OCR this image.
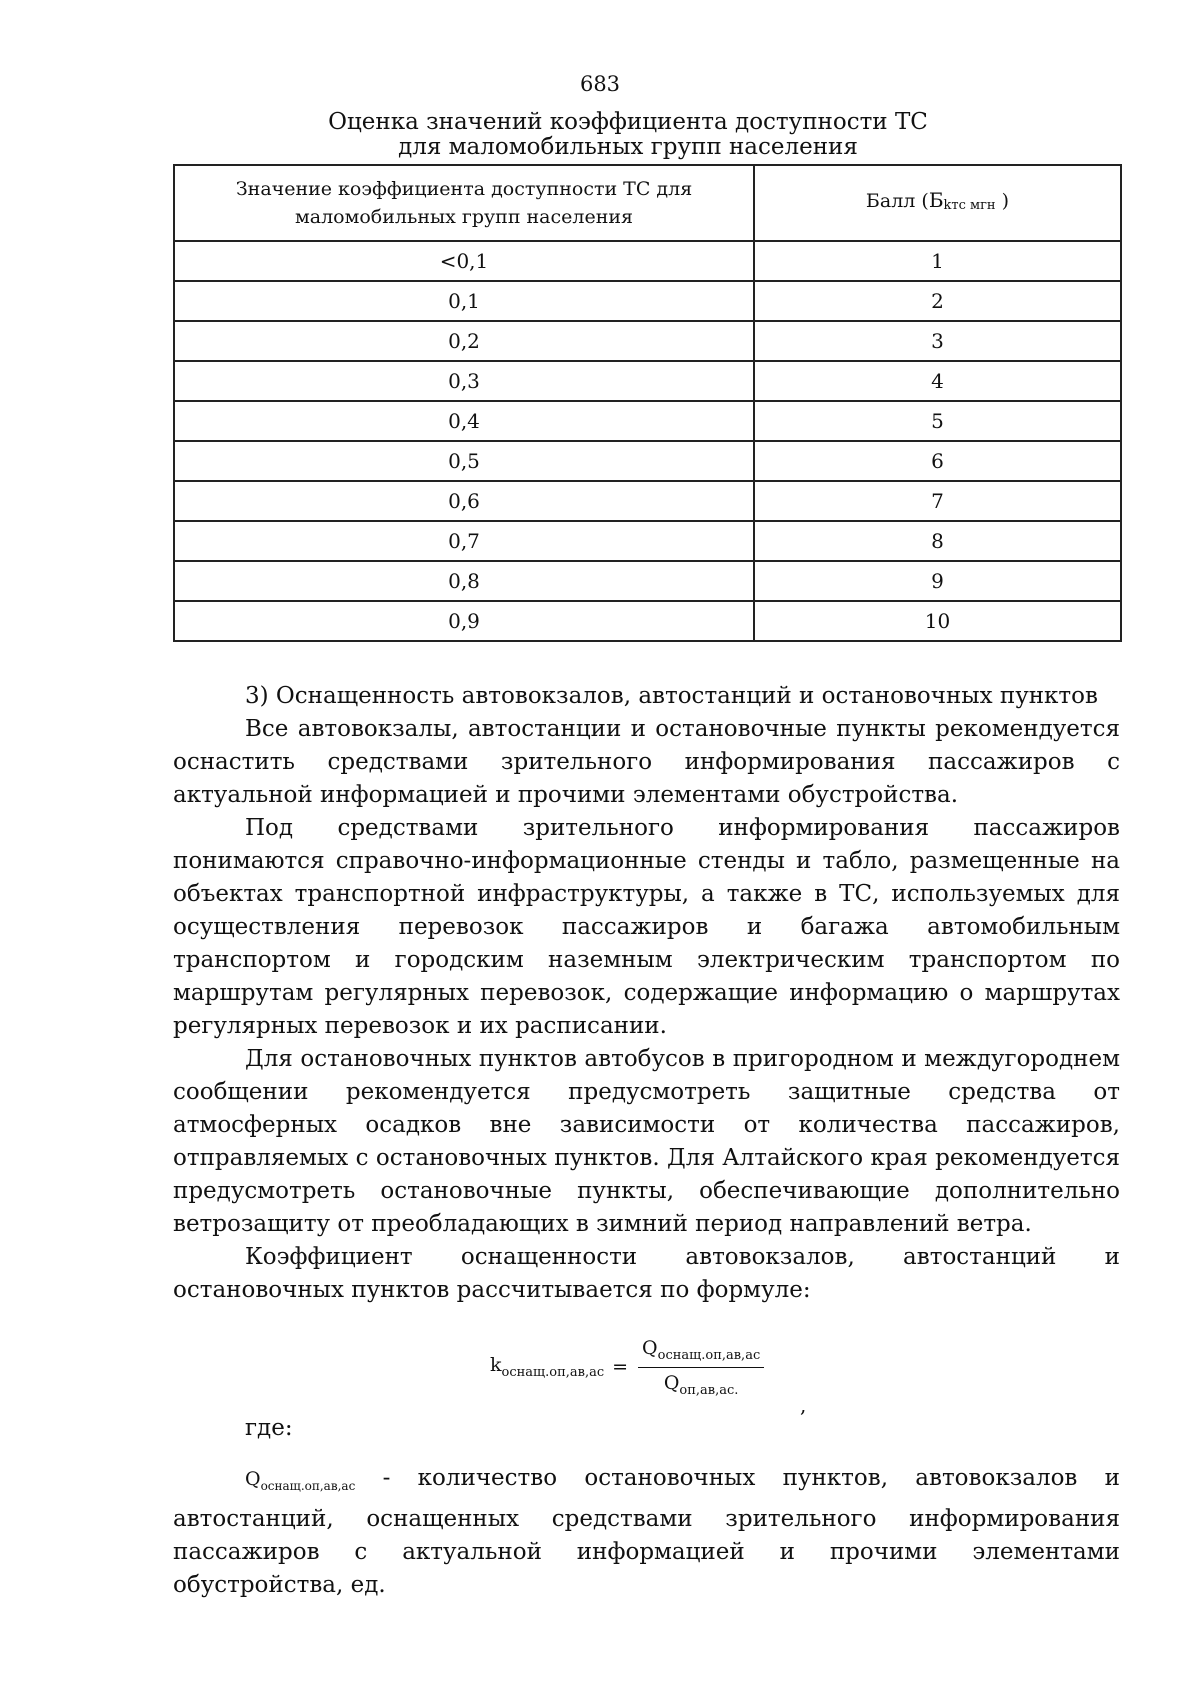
683
Оценка значений коэффициента доступности ТС
для маломобильных групп населения
Значение коэффициента доступности ТС для маломобильных групп населения	Балл ($Б_{kтс мгн}$ )
<0,1	1
0,1	2
0,2	3
0,3	4
0,4	5
0,5	6
0,6	7
0,7	8
0,8	9
0,9	10

3) Оснащенность автовокзалов, автостанций и остановочных пунктов

Все автовокзалы, автостанции и остановочные пункты рекомендуется оснастить средствами зрительного информирования пассажиров с актуальной информацией и прочими элементами обустройства.

Под средствами зрительного информирования пассажиров понимаются справочно-информационные стенды и табло, размещенные на объектах транспортной инфраструктуры, а также в ТС, используемых для осуществления перевозок пассажиров и багажа автомобильным транспортом и городским наземным электрическим транспортом по маршрутам регулярных перевозок, содержащие информацию о маршрутах регулярных перевозок и их расписании.

Для остановочных пунктов автобусов в пригородном и междугороднем сообщении рекомендуется предусмотреть защитные средства от атмосферных осадков вне зависимости от количества пассажиров, отправляемых с остановочных пунктов. Для Алтайского края рекомендуется предусмотреть остановочные пункты, обеспечивающие дополнительно ветрозащиту от преобладающих в зимний период направлений ветра.

Коэффициент оснащенности автовокзалов, автостанций и остановочных пунктов рассчитывается по формуле:

$k_{оснащ.оп,ав,ас} = \frac{Q_{оснащ.оп,ав,ас}}{Q_{оп,ав,ас.}}$
,
где:
$Q_{оснащ.оп,ав,ас}$ - количество остановочных пунктов, автовокзалов и автостанций, оснащенных средствами зрительного информирования пассажиров с актуальной информацией и прочими элементами обустройства, ед.
